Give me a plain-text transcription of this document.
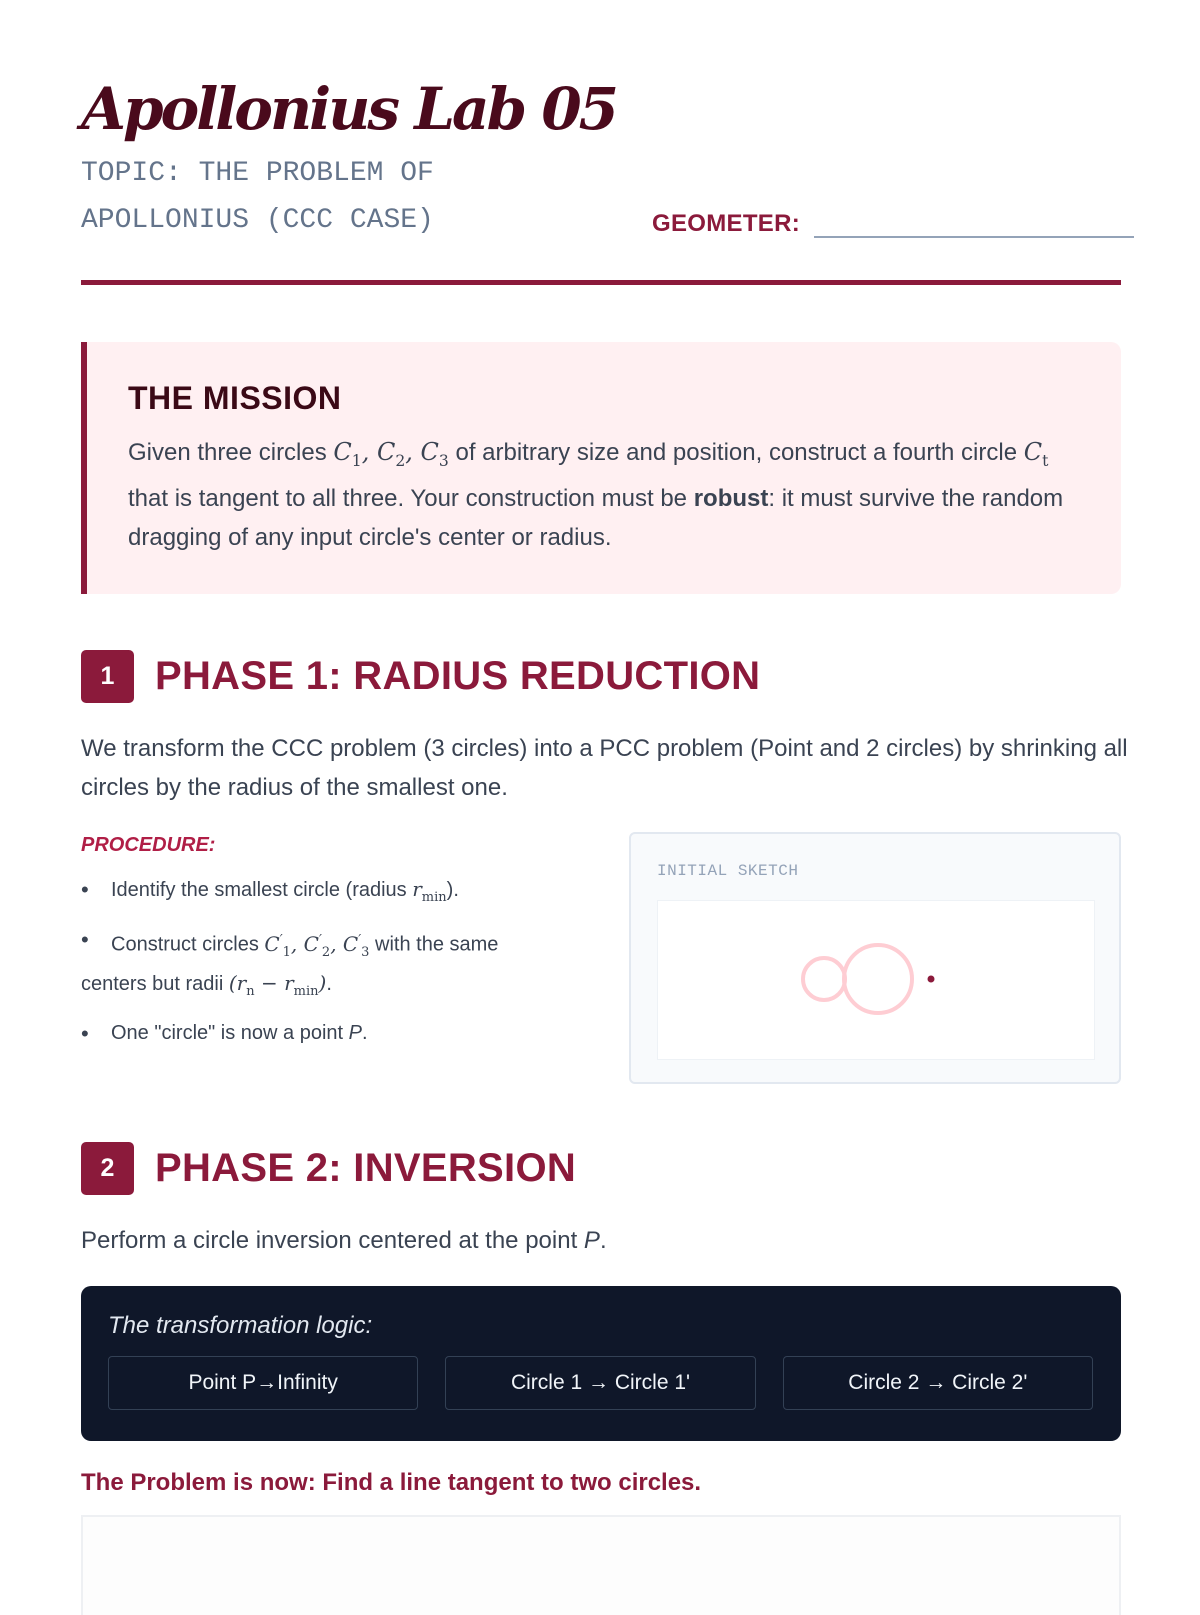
Apollonius Lab 05
TOPIC: THE PROBLEM OF
APOLLONIUS (CCC CASE)	GEOMETER:
THE MISSION

Given three circles $C_1$, $C_2$, $C_3$ of arbitrary size and position, construct a fourth circle $C_t$ that is tangent to all three. Your construction must be robust: it must survive the random dragging of any input circle's center or radius.

1	PHASE 1: RADIUS REDUCTION

We transform the CCC problem (3 circles) into a PCC problem (Point and 2 circles) by shrinking all circles by the radius of the smallest one.

PROCEDURE:
• Identify the smallest circle (radius $r_{min}$).
• Construct circles $C'_1$, $C'_2$, $C'_3$ with the same centers but radii $(r_n - r_{min})$.
• One "circle" is now a point P.
INITIAL SKETCH
2	PHASE 2: INVERSION

Perform a circle inversion centered at the point P.

The transformation logic:

Point P → Infinity	Circle 1
→
Circle 1'	Circle 2
→
Circle 2'

The Problem is now: Find a line tangent to two circles.
